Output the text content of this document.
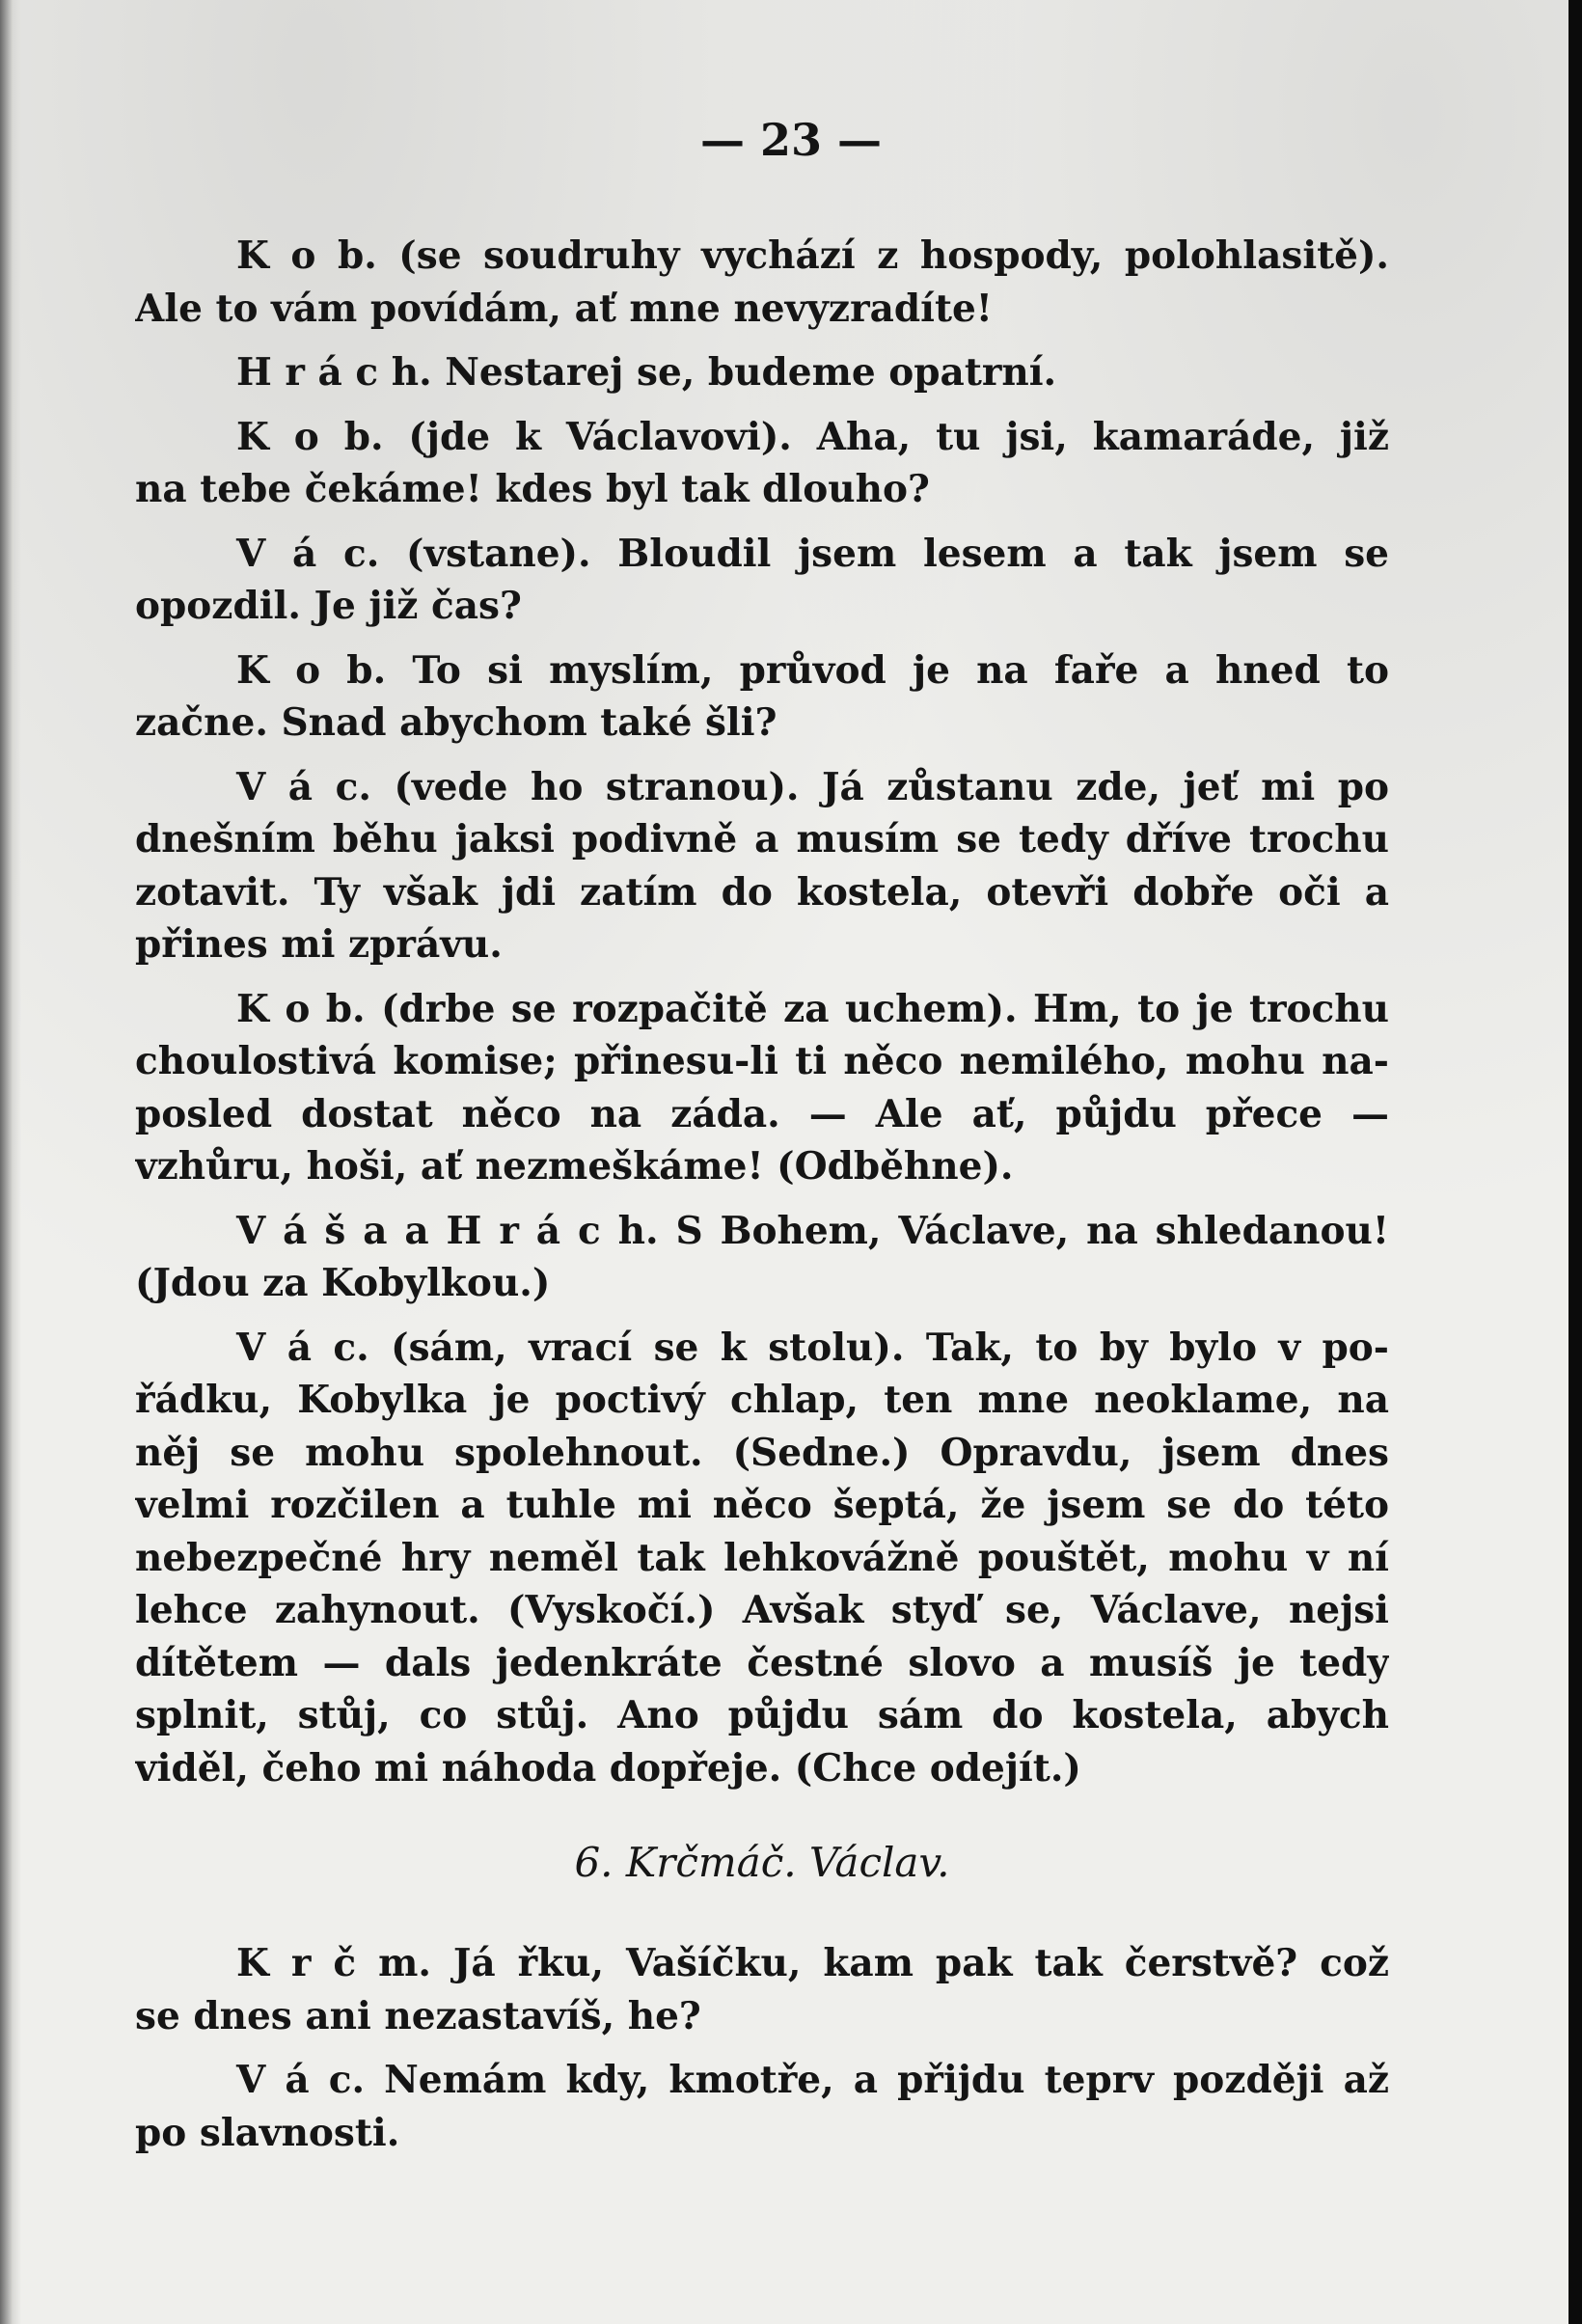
— 23 —
K o b. (se soudruhy vychází z hospody, polohlasitě).
Ale to vám povídám, ať mne nevyzradíte!
H r á c h. Nestarej se, budeme opatrní.
K o b. (jde k Václavovi). Aha, tu jsi, kamaráde, již
na tebe čekáme! kdes byl tak dlouho?
V á c. (vstane). Bloudil jsem lesem a tak jsem se
opozdil. Je již čas?
K o b. To si myslím, průvod je na faře a hned to
začne. Snad abychom také šli?
V á c. (vede ho stranou). Já zůstanu zde, jeť mi po
dnešním běhu jaksi podivně a musím se tedy dříve trochu
zotavit. Ty však jdi zatím do kostela, otevři dobře oči a
přines mi zprávu.
K o b. (drbe se rozpačitě za uchem). Hm, to je trochu
choulostivá komise; přinesu-li ti něco nemilého, mohu na-
posled dostat něco na záda. — Ale ať, půjdu přece —
vzhůru, hoši, ať nezmeškáme! (Odběhne).
V á š a a H r á c h. S Bohem, Václave, na shledanou!
(Jdou za Kobylkou.)
V á c. (sám, vrací se k stolu). Tak, to by bylo v po-
řádku, Kobylka je poctivý chlap, ten mne neoklame, na
něj se mohu spolehnout. (Sedne.) Opravdu, jsem dnes
velmi rozčilen a tuhle mi něco šeptá, že jsem se do této
nebezpečné hry neměl tak lehkovážně pouštět, mohu v ní
lehce zahynout. (Vyskočí.) Avšak styď se, Václave, nejsi
dítětem — dals jedenkráte čestné slovo a musíš je tedy
splnit, stůj, co stůj. Ano půjdu sám do kostela, abych
viděl, čeho mi náhoda dopřeje. (Chce odejít.)
6. Krčmáč. Václav.
K r č m. Já řku, Vašíčku, kam pak tak čerstvě? což
se dnes ani nezastavíš, he?
V á c. Nemám kdy, kmotře, a přijdu teprv později až
po slavnosti.
